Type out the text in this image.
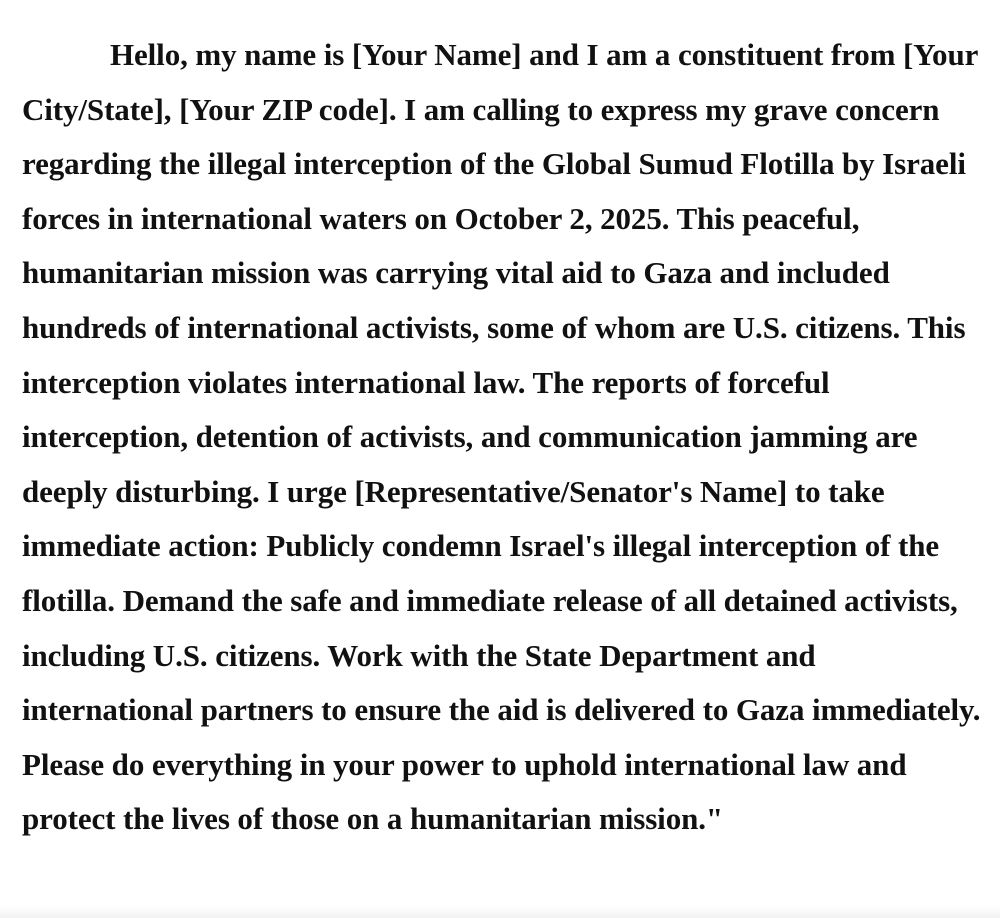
Hello, my name is [Your Name] and I am a constituent from [Your City/State], [Your ZIP code]. I am calling to express my grave concern regarding the illegal interception of the Global Sumud Flotilla by Israeli forces in international waters on October 2, 2025. This peaceful, humanitarian mission was carrying vital aid to Gaza and included hundreds of international activists, some of whom are U.S. citizens. This interception violates international law. The reports of forceful interception, detention of activists, and communication jamming are deeply disturbing. I urge [Representative/Senator's Name] to take immediate action: Publicly condemn Israel's illegal interception of the flotilla. Demand the safe and immediate release of all detained activists, including U.S. citizens. Work with the State Department and international partners to ensure the aid is delivered to Gaza immediately. Please do everything in your power to uphold international law and protect the lives of those on a humanitarian mission."
